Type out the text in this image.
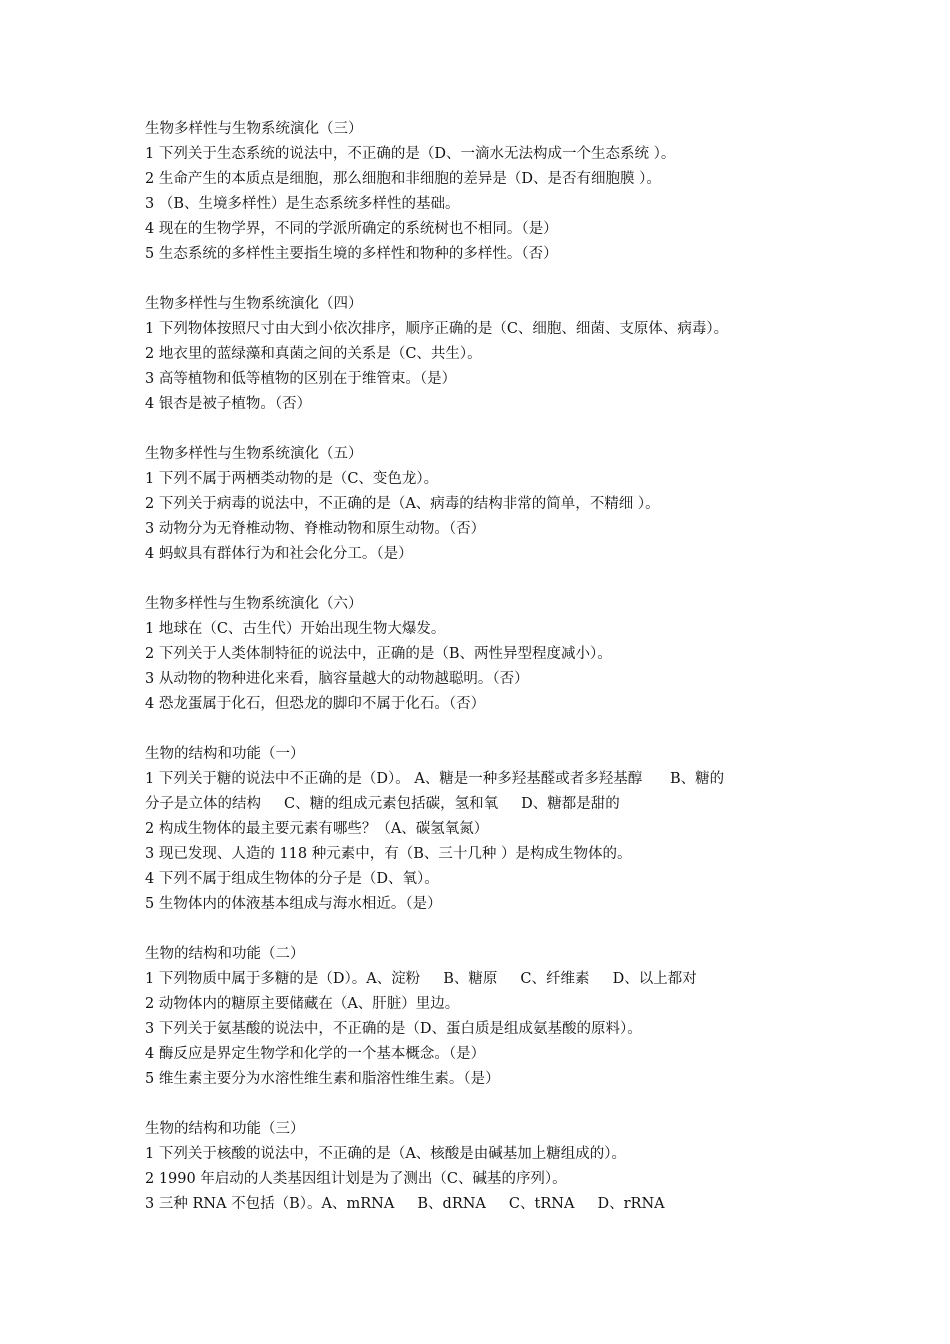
生物多样性与生物系统演化（三）
1 下列关于生态系统的说法中，不正确的是（D、一滴水无法构成一个生态系统 ）。
2 生命产生的本质点是细胞，那么细胞和非细胞的差异是（D、是否有细胞膜 ）。
3 （B、生境多样性）是生态系统多样性的基础。
4 现在的生物学界，不同的学派所确定的系统树也不相同。（是）
5 生态系统的多样性主要指生境的多样性和物种的多样性。（否）
生物多样性与生物系统演化（四）
1 下列物体按照尺寸由大到小依次排序，顺序正确的是（C、细胞、细菌、支原体、病毒）。
2 地衣里的蓝绿藻和真菌之间的关系是（C、共生）。
3 高等植物和低等植物的区别在于维管束。（是）
4 银杏是被子植物。（否）
生物多样性与生物系统演化（五）
1 下列不属于两栖类动物的是（C、变色龙）。
2 下列关于病毒的说法中，不正确的是（A、病毒的结构非常的简单，不精细 ）。
3 动物分为无脊椎动物、脊椎动物和原生动物。（否）
4 蚂蚁具有群体行为和社会化分工。（是）
生物多样性与生物系统演化（六）
1 地球在（C、古生代）开始出现生物大爆发。
2 下列关于人类体制特征的说法中，正确的是（B、两性异型程度减小）。
3 从动物的物种进化来看，脑容量越大的动物越聪明。（否）
4 恐龙蛋属于化石，但恐龙的脚印不属于化石。（否）
生物的结构和功能（一）
1 下列关于糖的说法中不正确的是（D）。 A、糖是一种多羟基醛或者多羟基醇      B、糖的
分子是立体的结构     C、糖的组成元素包括碳，氢和氧     D、糖都是甜的
2 构成生物体的最主要元素有哪些？（A、碳氢氧氮）
3 现已发现、人造的 118 种元素中，有（B、三十几种 ）是构成生物体的。
4 下列不属于组成生物体的分子是（D、氧）。
5 生物体内的体液基本组成与海水相近。（是）
生物的结构和功能（二）
1 下列物质中属于多糖的是（D）。A、淀粉     B、糖原     C、纤维素     D、以上都对
2 动物体内的糖原主要储藏在（A、肝脏）里边。
3 下列关于氨基酸的说法中，不正确的是（D、蛋白质是组成氨基酸的原料）。
4 酶反应是界定生物学和化学的一个基本概念。（是）
5 维生素主要分为水溶性维生素和脂溶性维生素。（是）
生物的结构和功能（三）
1 下列关于核酸的说法中，不正确的是（A、核酸是由碱基加上糖组成的）。
2 1990 年启动的人类基因组计划是为了测出（C、碱基的序列）。
3 三种 RNA 不包括（B）。A、mRNA     B、dRNA     C、tRNA     D、rRNA
